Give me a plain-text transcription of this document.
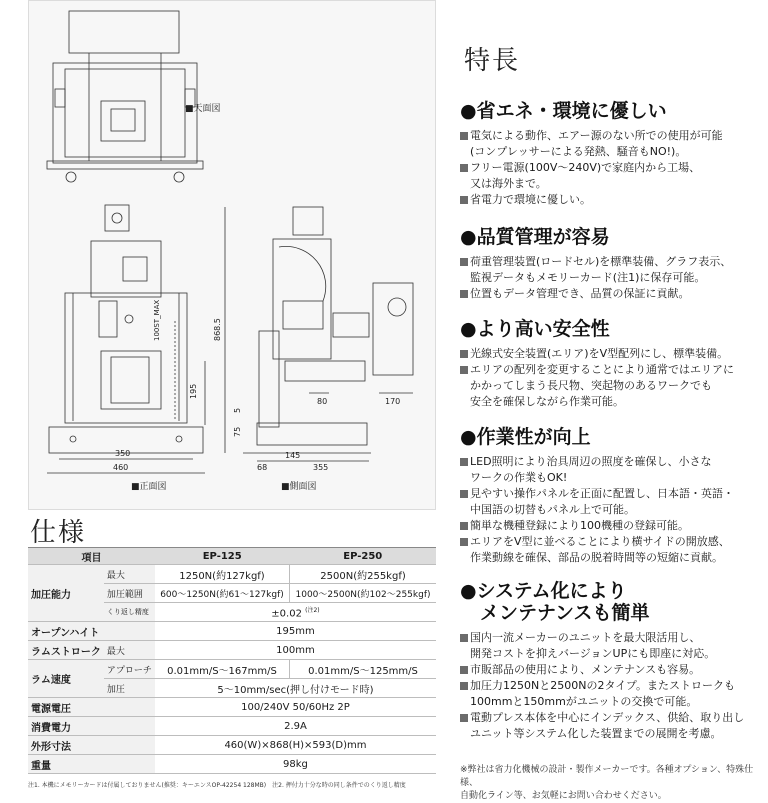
■天面図
■正面図	■側面図
350
460
100ST_MAX
195
868.5
80	170
75
5
145
68	355
仕様
項目		EP-125	EP-250
加圧能力	最大	1250N(約127kgf)	2500N(約255kgf)
	加圧範囲	600～1250N(約61～127kgf)	1000～2500N(約102～255kgf)
	くり返し精度	±0.02 $^{(注2)}$
オープンハイト		195mm	
ラムストローク	最大	100mm	
ラム速度	アプローチ	0.01mm/S～167mm/S	0.01mm/S～125mm/S
	加圧	5～10mm/sec(押し付けモード時)	
電源電圧		100/240V 50/60Hz 2P	
消費電力		2.9A	
外形寸法		460(W)×868(H)×593(D)mm	
重量		98kg	
注1. 本機にメモリーカードは付属しておりません(推奨：キーエンスOP-42254 128MB)　注2. 押付力十分な時の同し条件でのくり返し精度
特長
●省エネ・環境に優しい
電気による動作、エアー源のない所での使用が可能
(コンプレッサーによる発熱、騒音もNO!)。
フリー電源(100V～240V)で家庭内から工場、
又は海外まで。
省電力で環境に優しい。
●品質管理が容易
荷重管理装置(ロードセル)を標準装備、グラフ表示、
監視データもメモリーカード(注1)に保存可能。
位置もデータ管理でき、品質の保証に貢献。
●より高い安全性
光線式安全装置(エリア)をV型配列にし、標準装備。
エリアの配列を変更することにより通常ではエリアに
かかってしまう長尺物、突起物のあるワークでも
安全を確保しながら作業可能。
●作業性が向上
LED照明により治具周辺の照度を確保し、小さな
ワークの作業もOK!
見やすい操作パネルを正面に配置し、日本語・英語・
中国語の切替もパネル上で可能。
簡単な機種登録により100機種の登録可能。
エリアをV型に並べることにより横サイドの開放感、
作業動線を確保、部品の脱着時間等の短縮に貢献。
●システム化により
メンテナンスも簡単
国内一流メーカーのユニットを最大限活用し、
開発コストを抑えバージョンUPにも即座に対応。
市販部品の使用により、メンテナンスも容易。
加圧力1250Nと2500Nの2タイプ。またストロークも
100mmと150mmがユニットの交換で可能。
電動プレス本体を中心にインデックス、供給、取り出し
ユニット等システム化した装置までの展開を考慮。
※弊社は省力化機械の設計・製作メーカーです。各種オプション、特殊仕様、
自動化ライン等、お気軽にお問い合わせください。
